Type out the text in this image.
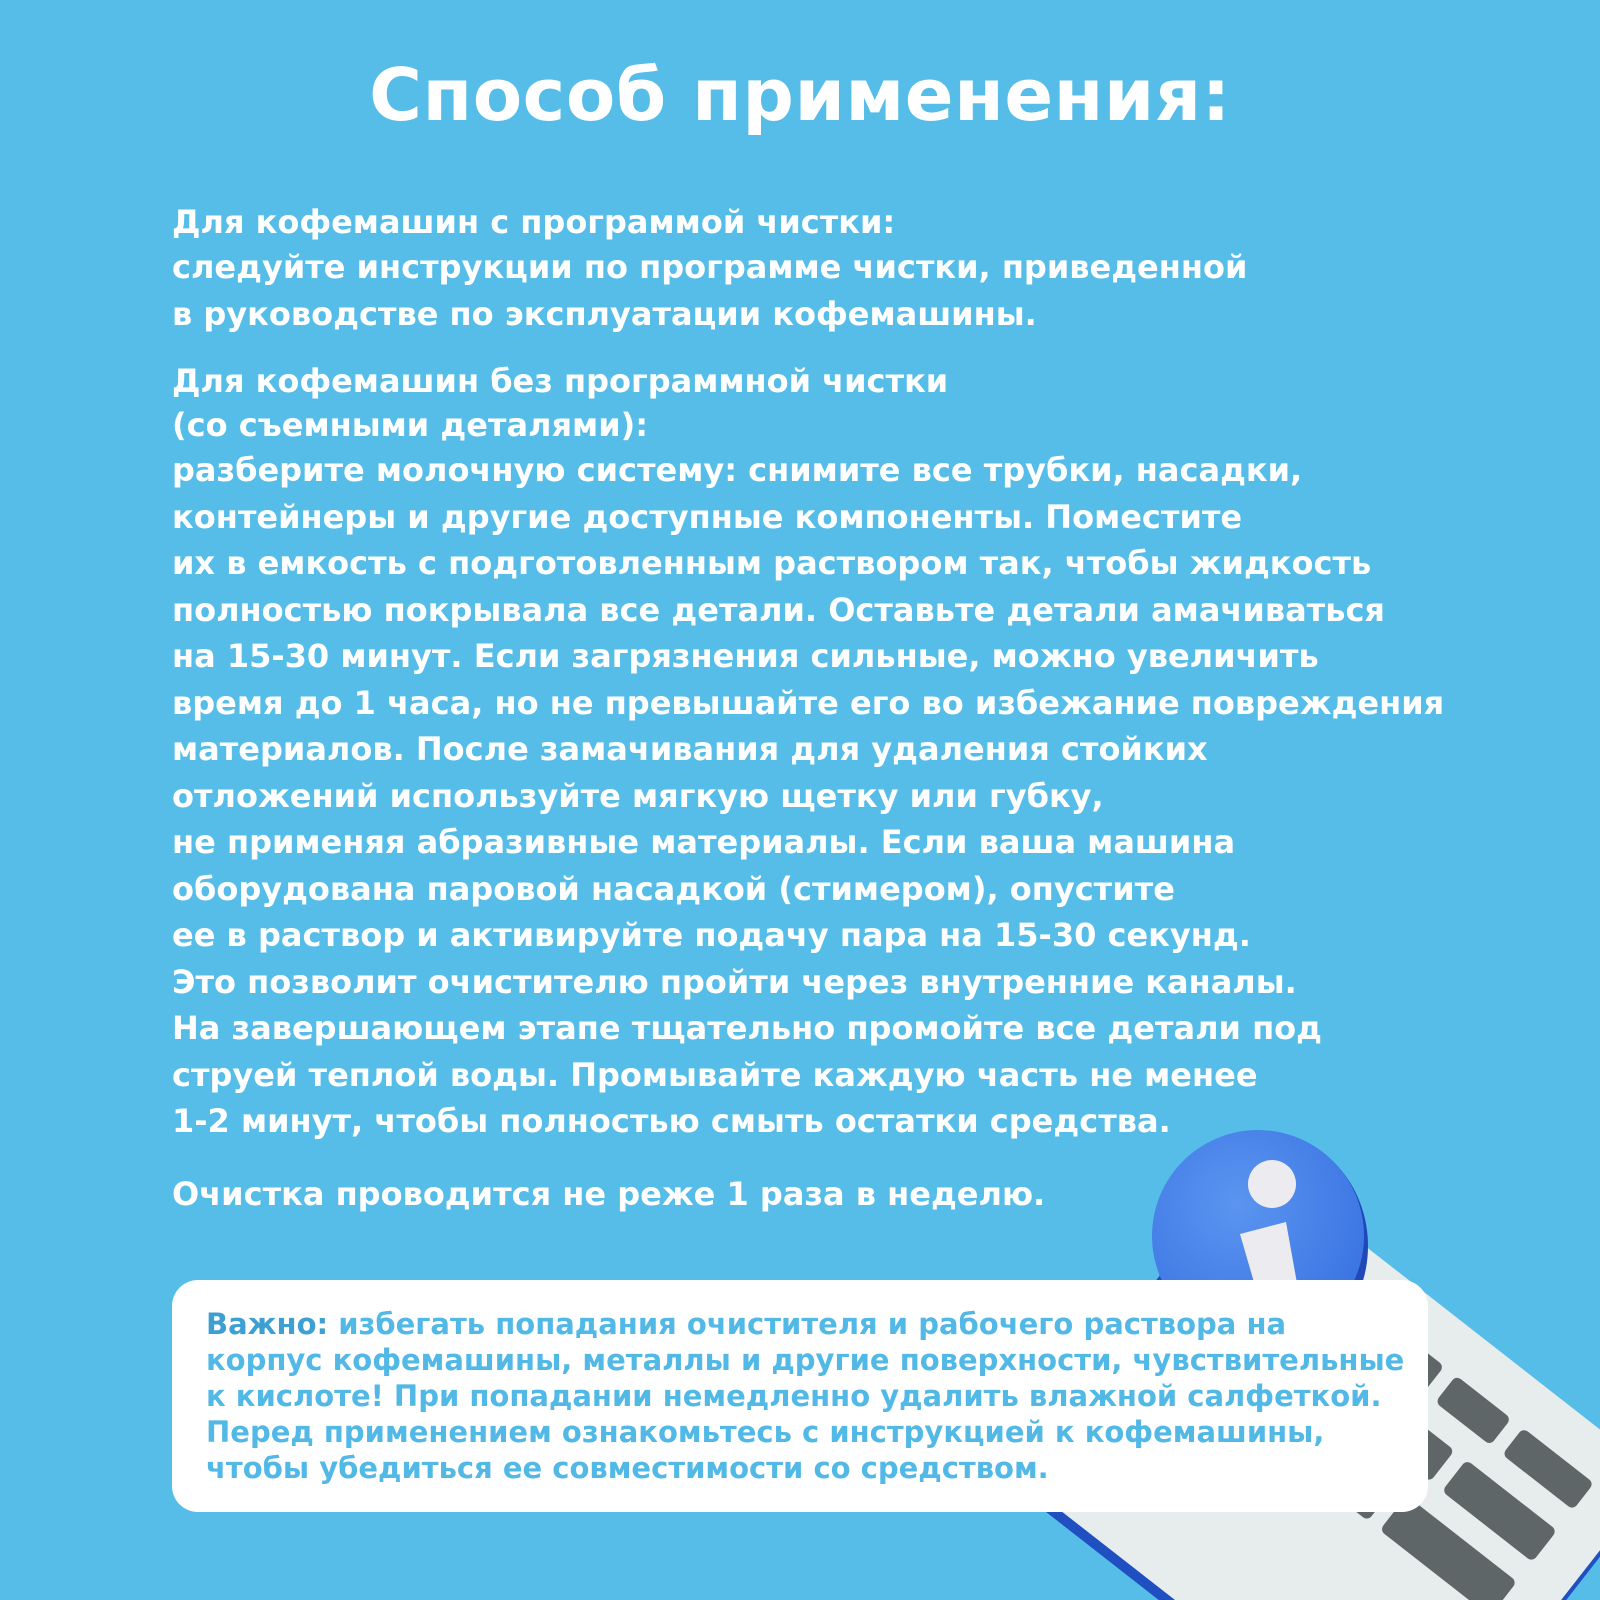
Способ применения:
Для кофемашин с программой чистки:
следуйте инструкции по программе чистки, приведенной
в руководстве по эксплуатации кофемашины.
Для кофемашин без программной чистки
(со съемными деталями):
разберите молочную систему: снимите все трубки, насадки,
контейнеры и другие доступные компоненты. Поместите
их в емкость с подготовленным раствором так, чтобы жидкость
полностью покрывала все детали. Оставьте детали амачиваться
на 15-30 минут. Если загрязнения сильные, можно увеличить
время до 1 часа, но не превышайте его во избежание повреждения
материалов. После замачивания для удаления стойких
отложений используйте мягкую щетку или губку,
не применяя абразивные материалы. Если ваша машина
оборудована паровой насадкой (стимером), опустите
ее в раствор и активируйте подачу пара на 15-30 секунд.
Это позволит очистителю пройти через внутренние каналы.
На завершающем этапе тщательно промойте все детали под
струей теплой воды. Промывайте каждую часть не менее
1-2 минут, чтобы полностью смыть остатки средства.
Очистка проводится не реже 1 раза в неделю.
Важно: избегать попадания очистителя и рабочего раствора на
корпус кофемашины, металлы и другие поверхности, чувствительные
к кислоте! При попадании немедленно удалить влажной салфеткой.
Перед применением ознакомьтесь с инструкцией к кофемашины,
чтобы убедиться ее совместимости со средством.
